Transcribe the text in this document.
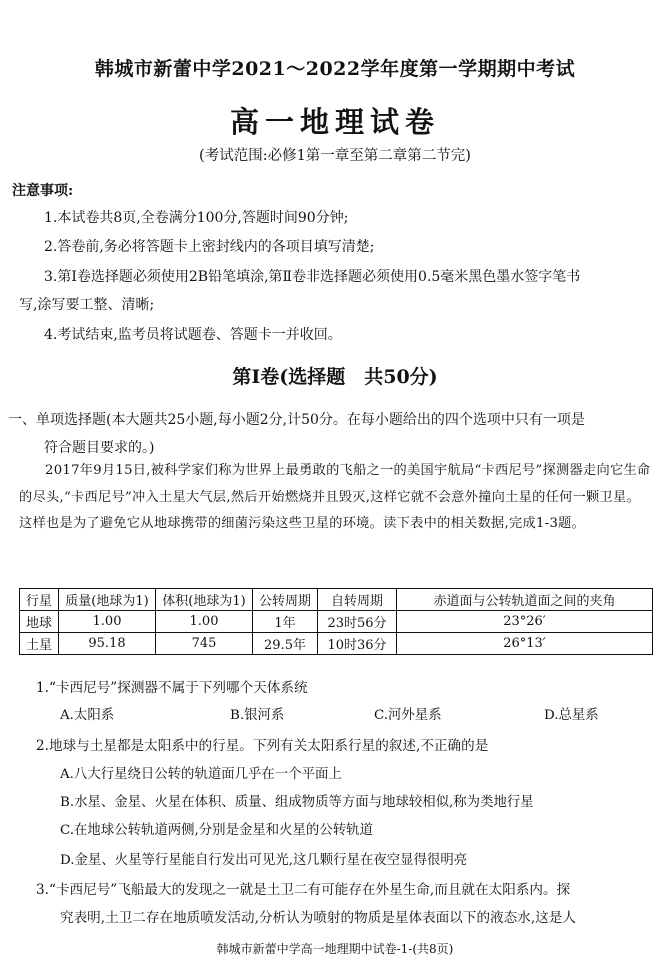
韩城市新蕾中学2021～2022学年度第一学期期中考试
高一地理试卷
(考试范围:必修1第一章至第二章第二节完)
注意事项:
1.本试卷共8页,全卷满分100分,答题时间90分钟;
2.答卷前,务必将答题卡上密封线内的各项目填写清楚;
3.第Ⅰ卷选择题必须使用2B铅笔填涂,第Ⅱ卷非选择题必须使用0.5毫米黑色墨水签字笔书
写,涂写要工整、清晰;
4.考试结束,监考员将试题卷、答题卡一并收回。
第Ⅰ卷(选择题　共50分)
一、单项选择题(本大题共25小题,每小题2分,计50分。在每小题给出的四个选项中只有一项是
符合题目要求的。)
2017年9月15日,被科学家们称为世界上最勇敢的飞船之一的美国宇航局“卡西尼号”探测器走向它生命的尽头,“卡西尼号”冲入土星大气层,然后开始燃烧并且毁灭,这样它就不会意外撞向土星的任何一颗卫星。这样也是为了避免它从地球携带的细菌污染这些卫星的环境。读下表中的相关数据,完成1-3题。
行星	质量(地球为1)	体积(地球为1)	公转周期	自转周期	赤道面与公转轨道面之间的夹角
地球	1.00	1.00	1年	23时56分	23°26′
土星	95.18	745	29.5年	10时36分	26°13′
1.“卡西尼号”探测器不属于下列哪个天体系统
A.太阳系	B.银河系	C.河外星系	D.总星系
2.地球与土星都是太阳系中的行星。下列有关太阳系行星的叙述,不正确的是
A.八大行星绕日公转的轨道面几乎在一个平面上
B.水星、金星、火星在体积、质量、组成物质等方面与地球较相似,称为类地行星
C.在地球公转轨道两侧,分别是金星和火星的公转轨道
D.金星、火星等行星能自行发出可见光,这几颗行星在夜空显得很明亮
3.“卡西尼号”飞船最大的发现之一就是土卫二有可能存在外星生命,而且就在太阳系内。探
究表明,土卫二存在地质喷发活动,分析认为喷射的物质是星体表面以下的液态水,这是人
韩城市新蕾中学高一地理期中试卷-1-(共8页)
